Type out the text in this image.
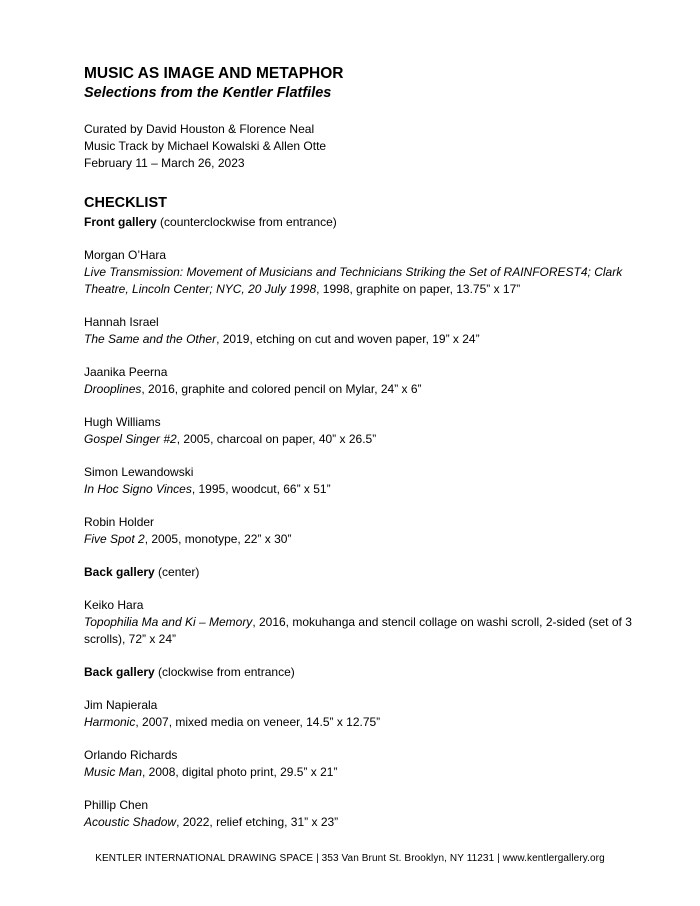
MUSIC AS IMAGE AND METAPHOR
Selections from the Kentler Flatfiles
Curated by David Houston & Florence Neal
Music Track by Michael Kowalski & Allen Otte
February 11 – March 26, 2023
CHECKLIST
Front gallery (counterclockwise from entrance)
Morgan O’Hara
Live Transmission: Movement of Musicians and Technicians Striking the Set of RAINFOREST4; Clark Theatre, Lincoln Center; NYC, 20 July 1998, 1998, graphite on paper, 13.75” x 17”
Hannah Israel
The Same and the Other, 2019, etching on cut and woven paper, 19” x 24”
Jaanika Peerna
Drooplines, 2016, graphite and colored pencil on Mylar, 24” x 6”
Hugh Williams
Gospel Singer #2, 2005, charcoal on paper, 40” x 26.5”
Simon Lewandowski
In Hoc Signo Vinces, 1995, woodcut, 66” x 51”
Robin Holder
Five Spot 2, 2005, monotype, 22” x 30”
Back gallery (center)
Keiko Hara
Topophilia Ma and Ki – Memory, 2016, mokuhanga and stencil collage on washi scroll, 2-sided (set of 3 scrolls), 72” x 24”
Back gallery (clockwise from entrance)
Jim Napierala
Harmonic, 2007, mixed media on veneer, 14.5” x 12.75”
Orlando Richards
Music Man, 2008, digital photo print, 29.5” x 21”
Phillip Chen
Acoustic Shadow, 2022, relief etching, 31” x 23”
KENTLER INTERNATIONAL DRAWING SPACE | 353 Van Brunt St. Brooklyn, NY 11231 | www.kentlergallery.org
